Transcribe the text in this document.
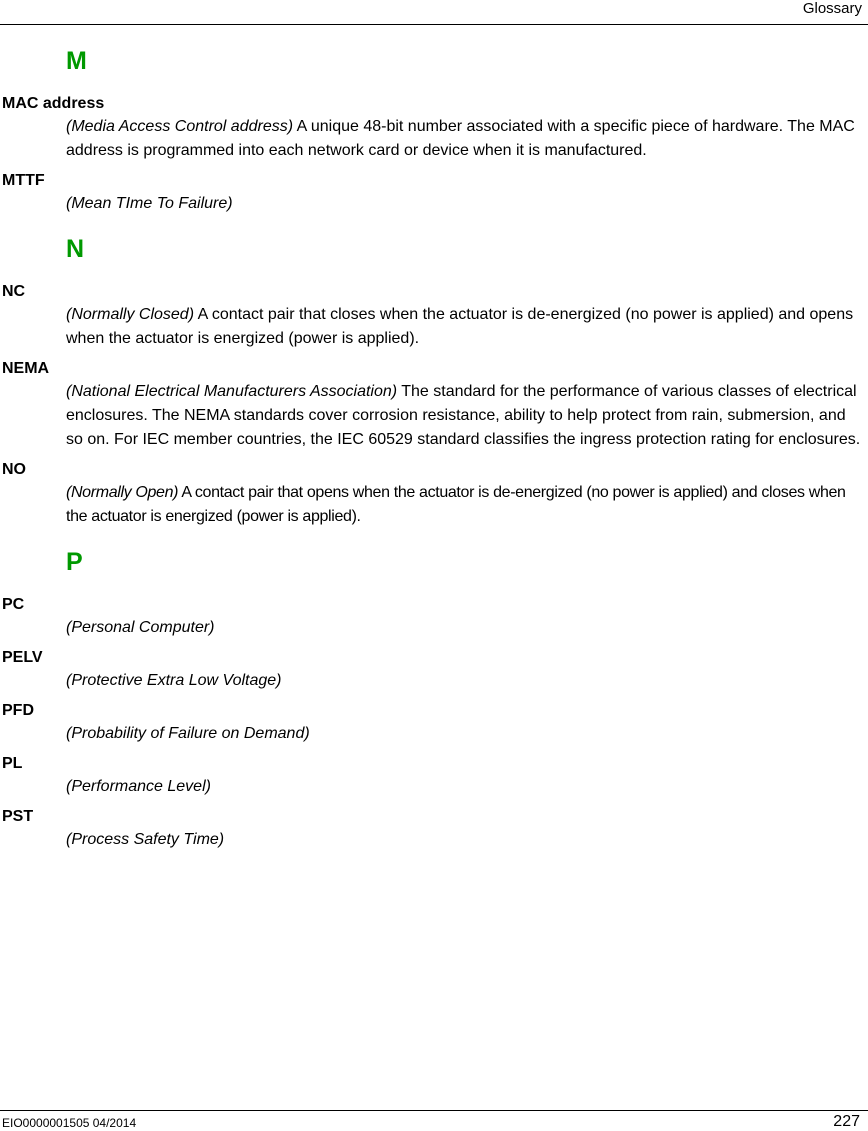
Glossary
M
MAC address
(Media Access Control address) A unique 48-bit number associated with a specific piece of hardware. The MAC address is programmed into each network card or device when it is manufactured.
MTTF
(Mean TIme To Failure)
N
NC
(Normally Closed) A contact pair that closes when the actuator is de-energized (no power is applied) and opens when the actuator is energized (power is applied).
NEMA
(National Electrical Manufacturers Association) The standard for the performance of various classes of electrical enclosures. The NEMA standards cover corrosion resistance, ability to help protect from rain, submersion, and so on. For IEC member countries, the IEC 60529 standard classifies the ingress protection rating for enclosures.
NO
(Normally Open) A contact pair that opens when the actuator is de-energized (no power is applied) and closes when the actuator is energized (power is applied).
P
PC
(Personal Computer)
PELV
(Protective Extra Low Voltage)
PFD
(Probability of Failure on Demand)
PL
(Performance Level)
PST
(Process Safety Time)
EIO0000001505 04/2014	227
